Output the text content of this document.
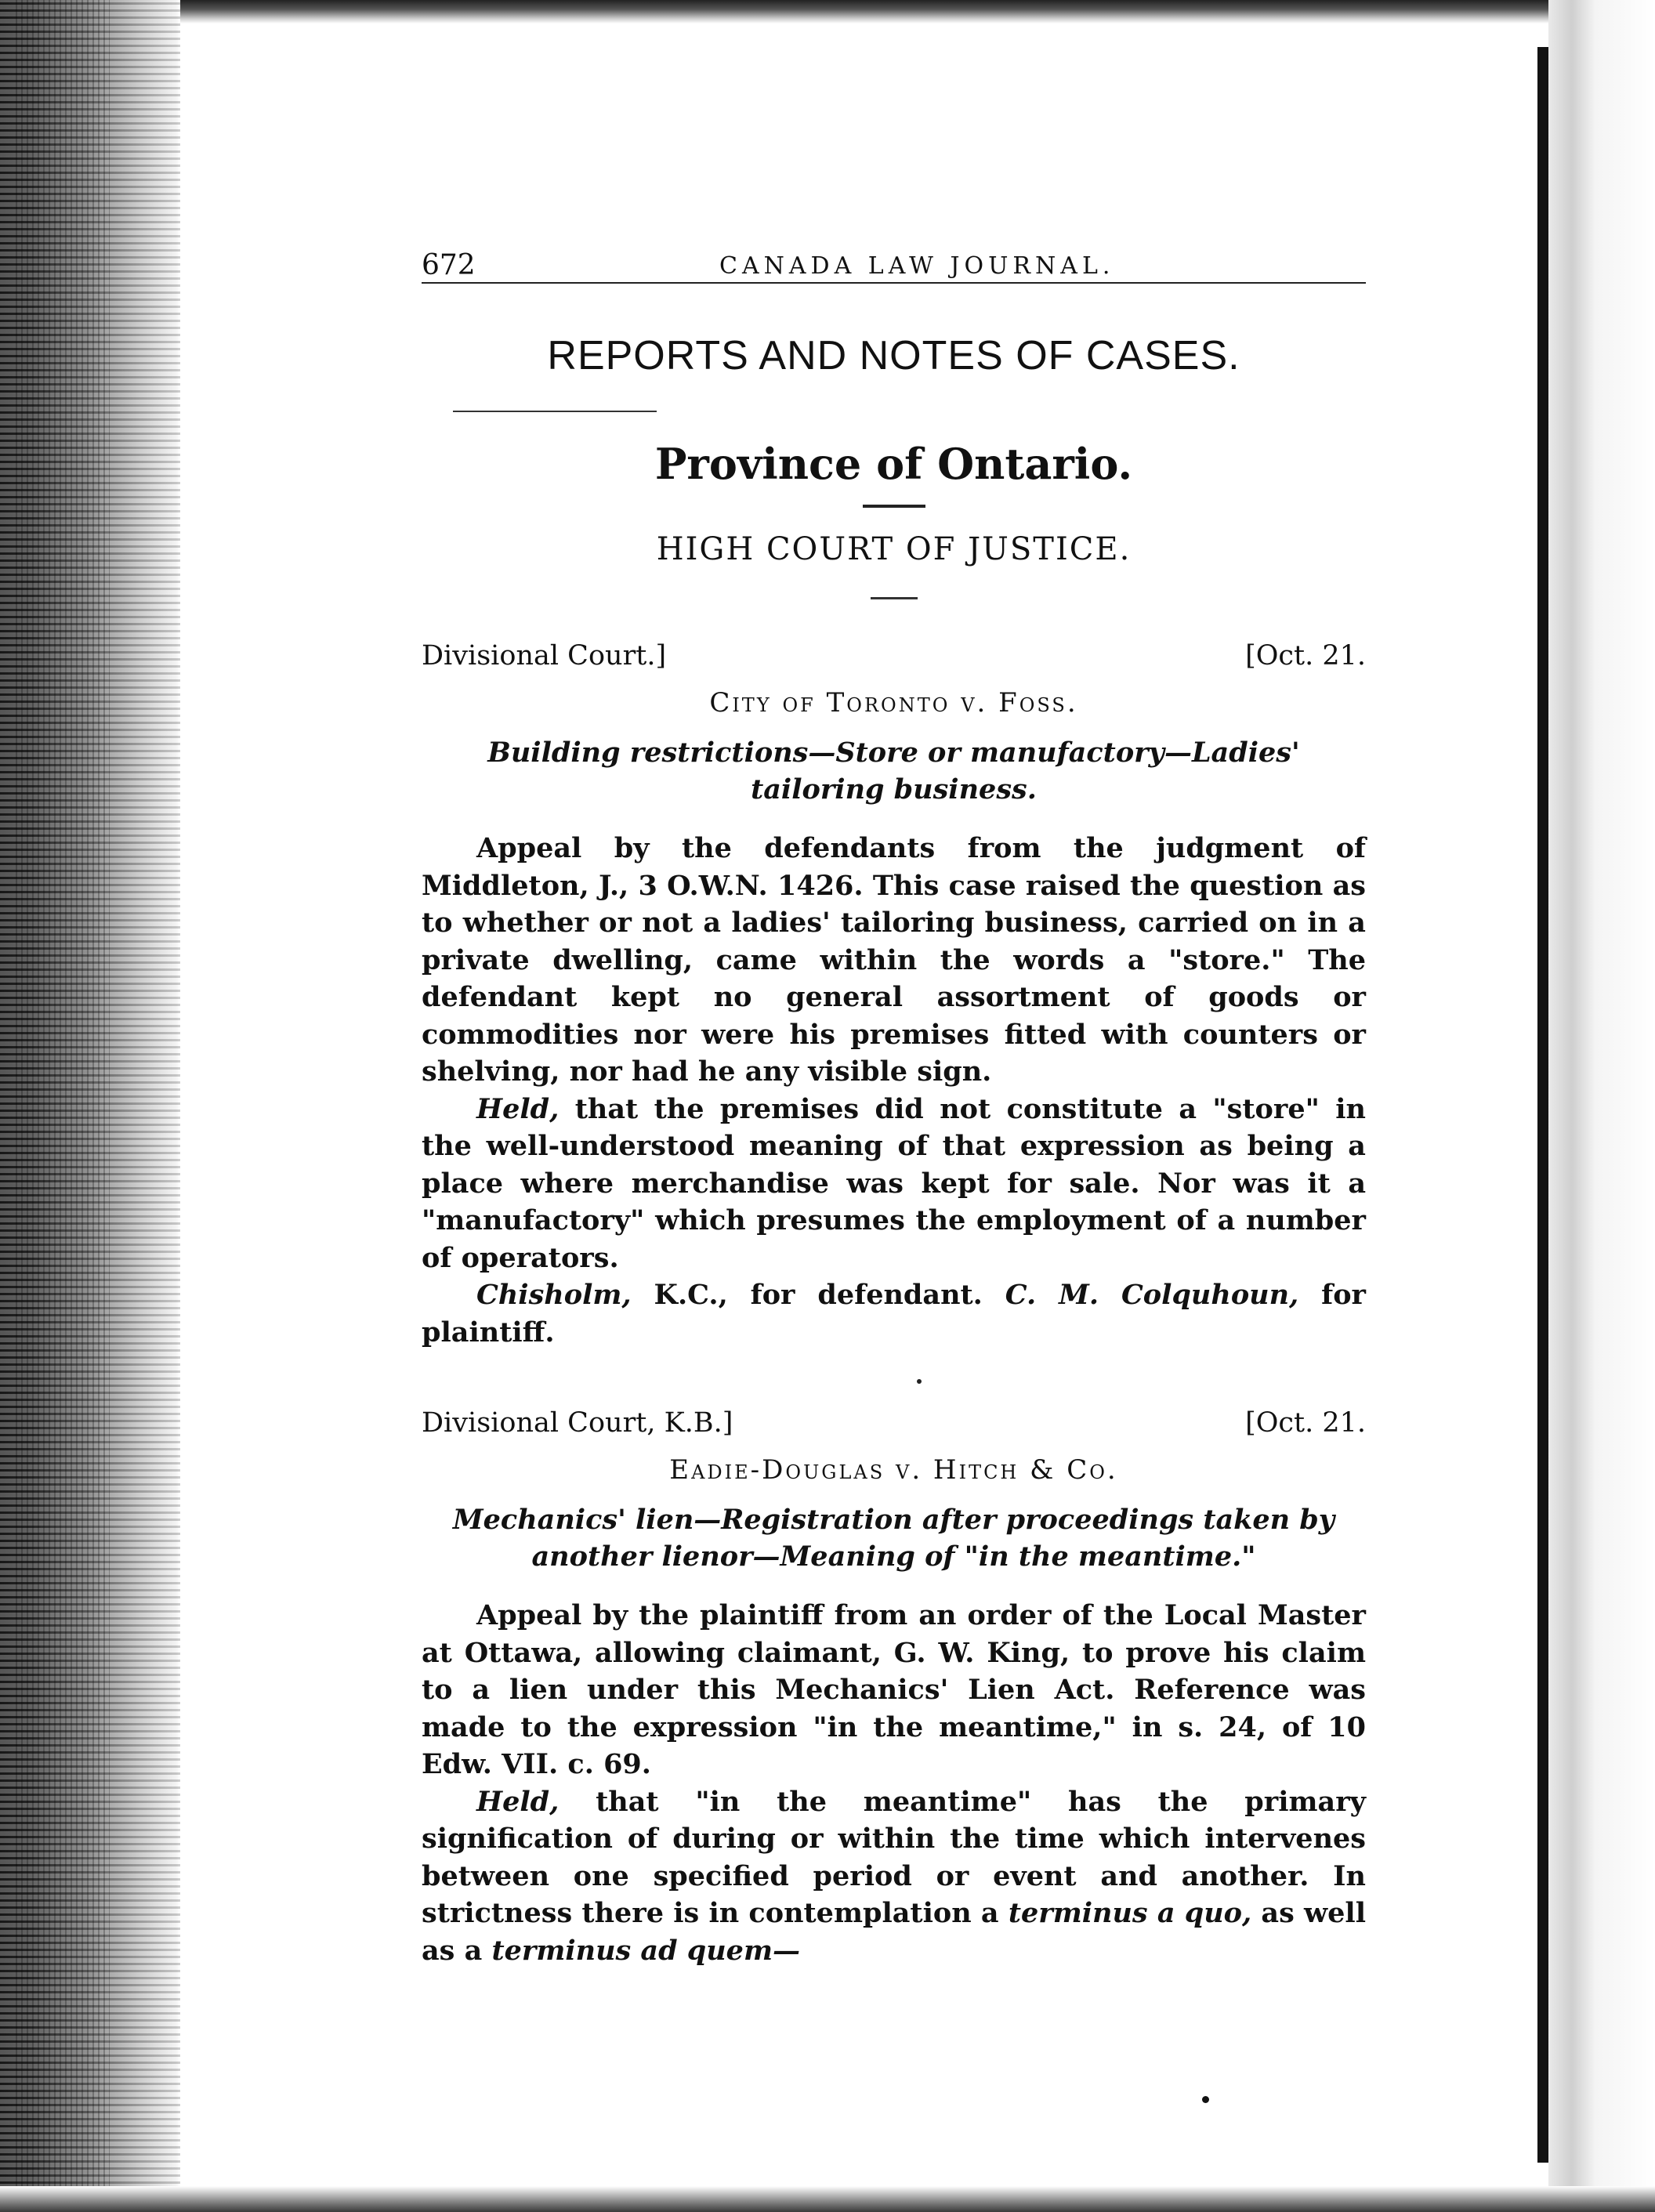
672	CANADA LAW JOURNAL.
REPORTS AND NOTES OF CASES.
Province of Ontario.
HIGH COURT OF JUSTICE.
Divisional Court.]	[Oct. 21.
City of Toronto v. Foss.
Building restrictions—Store or manufactory—Ladies' tailoring business.

Appeal by the defendants from the judgment of Middleton, J., 3 O.W.N. 1426. This case raised the question as to whether or not a ladies' tailoring business, carried on in a private dwelling, came within the words a "store." The defendant kept no general assortment of goods or commodities nor were his premises fitted with counters or shelving, nor had he any visible sign.

Held, that the premises did not constitute a "store" in the well-understood meaning of that expression as being a place where merchandise was kept for sale. Nor was it a "manufactory" which presumes the employment of a number of operators.

Chisholm, K.C., for defendant. C. M. Colquhoun, for plaintiff.

Divisional Court, K.B.]	[Oct. 21.
Eadie-Douglas v. Hitch & Co.
Mechanics' lien—Registration after proceedings taken by another lienor—Meaning of "in the meantime."

Appeal by the plaintiff from an order of the Local Master at Ottawa, allowing claimant, G. W. King, to prove his claim to a lien under this Mechanics' Lien Act. Reference was made to the expression "in the meantime," in s. 24, of 10 Edw. VII. c. 69.

Held, that "in the meantime" has the primary signification of during or within the time which intervenes between one specified period or event and another. In strictness there is in contemplation a terminus a quo, as well as a terminus ad quem—
